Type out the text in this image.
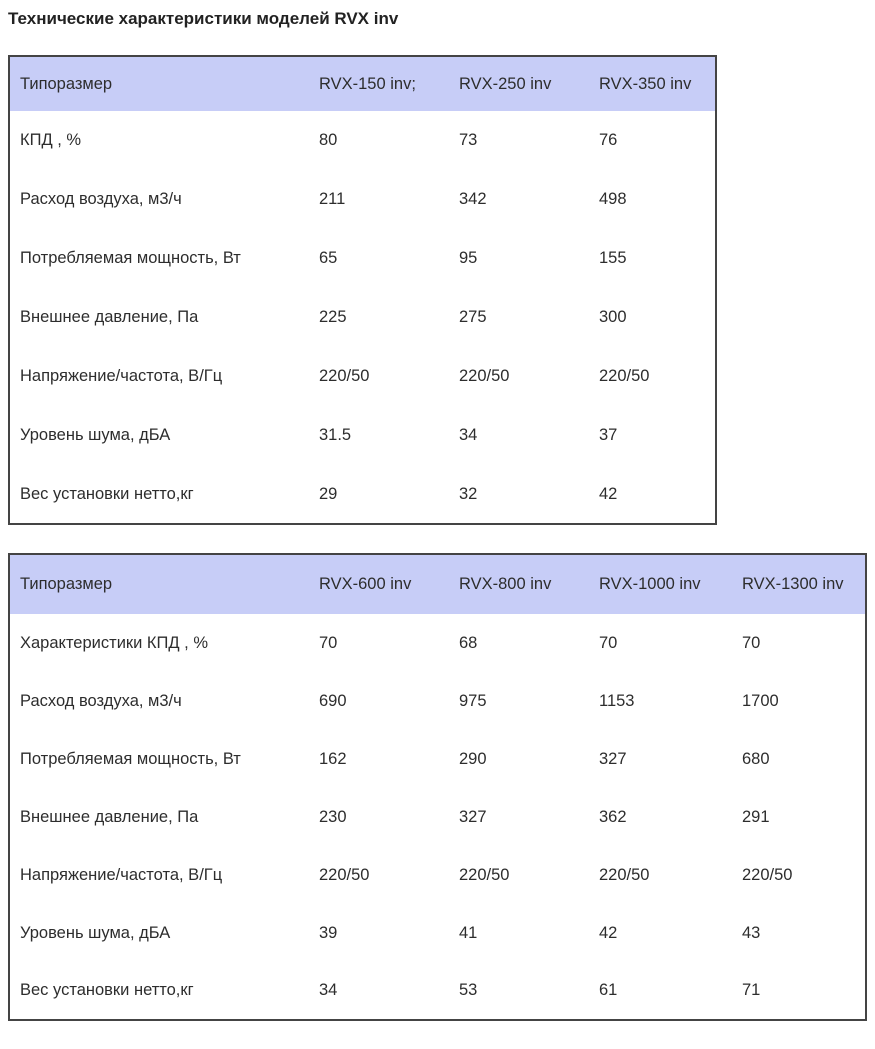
Технические характеристики моделей RVX inv
Типоразмер	RVX-150 inv;	RVX-250 inv	RVX-350 inv
КПД , %	80	73	76
Расход воздуха, м3/ч	211	342	498
Потребляемая мощность, Вт	65	95	155
Внешнее давление, Па	225	275	300
Напряжение/частота, В/Гц	220/50	220/50	220/50
Уровень шума, дБА	31.5	34	37
Вес установки нетто,кг	29	32	42
Типоразмер	RVX-600 inv	RVX-800 inv	RVX-1000 inv	RVX-1300 inv
Характеристики КПД , %	70	68	70	70
Расход воздуха, м3/ч	690	975	1153	1700
Потребляемая мощность, Вт	162	290	327	680
Внешнее давление, Па	230	327	362	291
Напряжение/частота, В/Гц	220/50	220/50	220/50	220/50
Уровень шума, дБА	39	41	42	43
Вес установки нетто,кг	34	53	61	71
